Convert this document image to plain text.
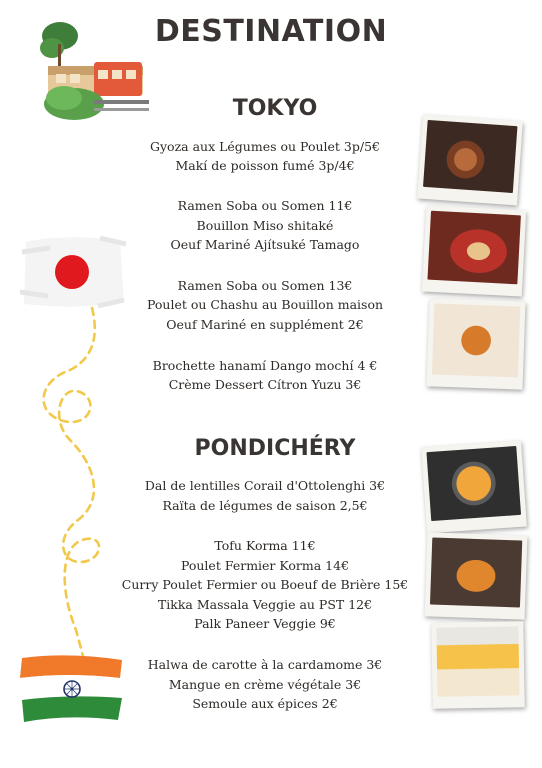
DESTINATION
TOKYO
Gyoza aux Légumes ou Poulet 3p/5€
Makí de poisson fumé 3p/4€
Ramen Soba ou Somen 11€
Bouillon Miso shitaké
Oeuf Mariné Ajítsuké Tamago
Ramen Soba ou Somen 13€
Poulet ou Chashu au Bouillon maison
Oeuf Mariné en supplément 2€
Brochette hanamí Dango mochí 4 €
Crème Dessert Cítron Yuzu 3€
PONDICHÉRY
Dal de lentilles Corail d'Ottolenghi 3€
Raïta de légumes de saison 2,5€
Tofu Korma 11€
Poulet Fermier Korma 14€
Curry Poulet Fermier ou Boeuf de Brière 15€
Tikka Massala Veggie au PST 12€
Palk Paneer Veggie 9€
Halwa de carotte à la cardamome 3€
Mangue en crème végétale 3€
Semoule aux épices 2€
